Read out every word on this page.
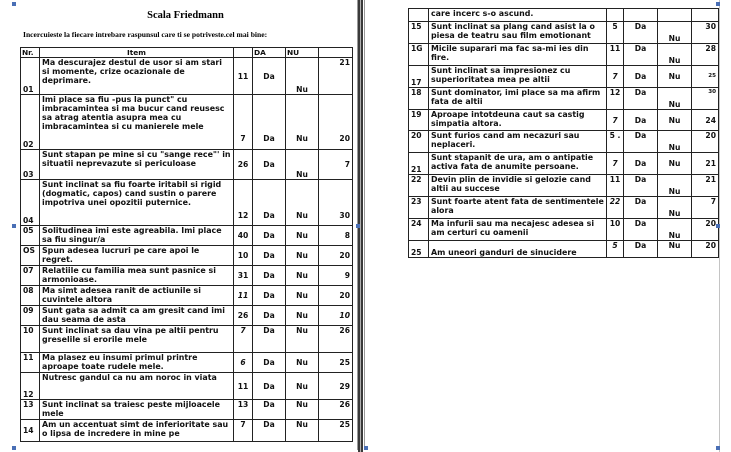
Scala Friedmann
Incercuieste la fiecare intrebare raspunsul care ti se potriveste.cel mai bine:
Nr.	Item		DA	NU	
01	Ma descurajez destul de usor si am stari si momente, crize ocazionale de deprimare.	11	Da	Nu	21
02	Imi place sa fiu -pus la punct" cu imbracamintea si ma bucur cand reusesc sa atrag atentia asupra mea cu imbracamintea si cu manierele mele	7	Da	Nu	20
03	Sunt stapan pe mine si cu "sange rece"' in situatii neprevazute si periculoase	26	Da	Nu	7
04	Sunt inclinat sa fiu foarte iritabil si rigid (dogmatic, capos) cand sustin o parere impotriva unei opozitii puternice.	12	Da	Nu	30
05	Solitudinea imi este agreabila. Imi place sa fiu singur/a	40	Da	Nu	8
OS	Spun adesea lucruri pe care apoi le regret.	10	Da	Nu	20
07	Relatiile cu familia mea sunt pasnice si armonioase.	31	Da	Nu	9
08	Ma simt adesea ranit de actiunile si cuvintele altora	11	Da	Nu	20
09	Sunt gata sa admit ca am gresit cand imi dau seama de asta	26	Da	Nu	10
10	Sunt inclinat sa dau vina pe altii pentru greselile si erorile mele	7	Da	Nu	26
11	Ma plasez eu insumi primul printre aproape toate rudele mele.	6	Da	Nu	25
12	Nutresc gandul ca nu am noroc in viata	11	Da	Nu	29
13	Sunt inclinat sa traiesc peste mijloacele mele	13	Da	Nu	26
14	Am un accentuat simt de inferioritate sau o lipsa de incredere in mine pe	7	Da	Nu	25
	care incerc s-o ascund.				
15	Sunt inclinat sa plang cand asist la o piesa de teatru sau film emotionant	5	Da	Nu	30
1G	Micile suparari ma fac sa-mi ies din fire.	11	Da	Nu	28
17	Sunt inclinat sa impresionez cu superioritatea mea pe altii	7	Da	Nu	25
18	Sunt dominator, imi place sa ma afirm fata de altii	12	Da	Nu	30
19	Aproape intotdeuna caut sa castig simpatia altora.	7	Da	Nu	24
20	Sunt furios cand am necazuri sau neplaceri.	5 .	Da	Nu	20
21	Sunt stapanit de ura, am o antipatie activa fata de anumite persoane.	7	Da	Nu	21
22	Devin plin de invidie si gelozie cand altii au succese	11	Da	Nu	21
23	Sunt foarte atent fata de sentimentele alora	22	Da	Nu	7
24	Ma infurii sau ma necajesc adesea si am certuri cu oamenii	10	Da	Nu	20
25	Am uneori ganduri de sinucidere	5	Da	Nu	20
